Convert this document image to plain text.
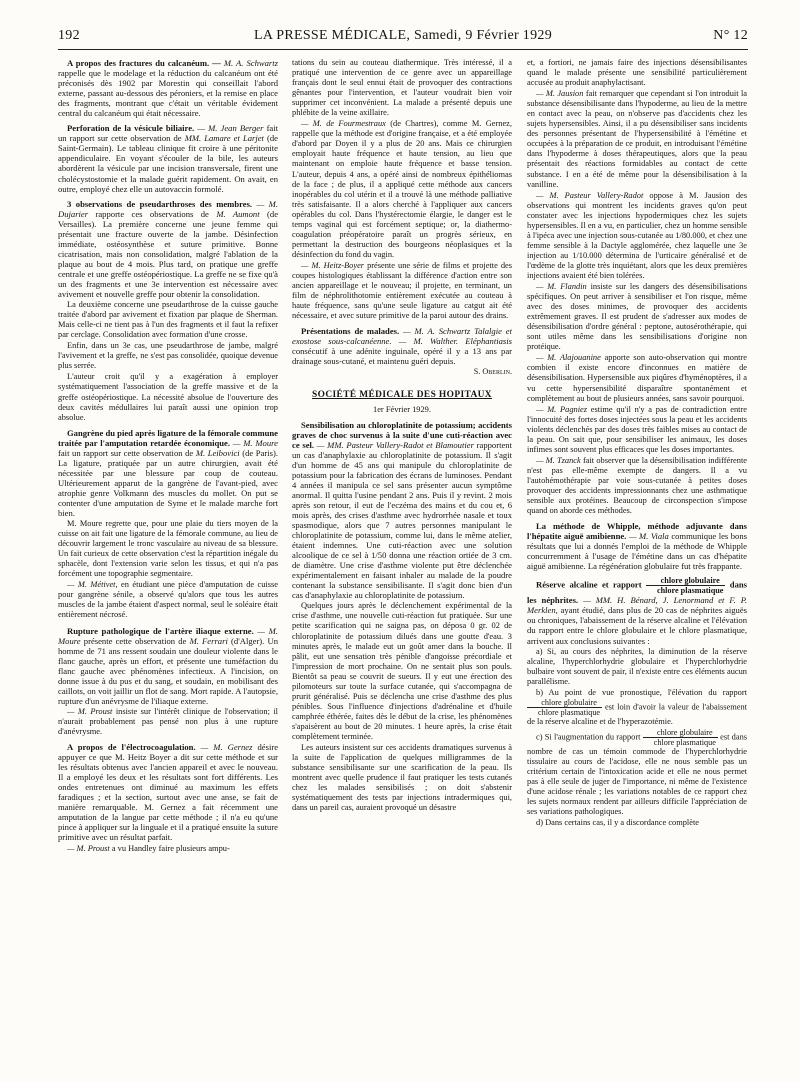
192	LA PRESSE MÉDICALE, Samedi, 9 Février 1929	N° 12
A propos des fractures du calcanéum. — M. A. Schwartz rappelle que le modelage et la réduction du calcanéum ont été préconisés dès 1902 par Morestin qui conseillait l'abord externe, passant au-dessous des péroniers, et la remise en place des fragments, montrant que c'était un véritable évidement central du calcanéum qui était nécessaire.
Perforation de la vésicule biliaire. — M. Jean Berger fait un rapport sur cette observation de MM. Lamare et Larjet (de Saint-Germain). Le tableau clinique fit croire à une péritonite appendiculaire. En voyant s'écouler de la bile, les auteurs abordèrent la vésicule par une incision transversale, firent une cholécystostomie et la malade guérit rapidement. On avait, en outre, employé chez elle un autovaccin formolé.
3 observations de pseudarthroses des membres. — M. Dujarier rapporte ces observations de M. Aumont (de Versailles). La première concerne une jeune femme qui présentait une fracture ouverte de la jambe. Désinfection immédiate, ostéosynthèse et suture primitive. Bonne cicatrisation, mais non consolidation, malgré l'ablation de la plaque au bout de 4 mois. Plus tard, on pratique une greffe centrale et une greffe ostéopériostique. La greffe ne se fixe qu'à un des fragments et une 3e intervention est nécessaire avec avivement et nouvelle greffe pour obtenir la consolidation.

La deuxième concerne une pseudarthrose de la cuisse gauche traitée d'abord par avivement et fixation par plaque de Sherman. Mais celle-ci ne tient pas à l'un des fragments et il faut la refixer par cerclage. Consolidation avec formation d'une crosse.

Enfin, dans un 3e cas, une pseudarthrose de jambe, malgré l'avivement et la greffe, ne s'est pas consolidée, quoique devenue plus serrée.

L'auteur croit qu'il y a exagération à employer systématiquement l'association de la greffe massive et de la greffe ostéopériostique. La nécessité absolue de l'ouverture des deux cavités médullaires lui paraît aussi une opinion trop absolue.

Gangrène du pied après ligature de la fémorale commune traitée par l'amputation retardée économique. — M. Moure fait un rapport sur cette observation de M. Leibovici (de Paris). La ligature, pratiquée par un autre chirurgien, avait été nécessitée par une blessure par coup de couteau. Ultérieurement apparut de la gangrène de l'avant-pied, avec atrophie genre Volkmann des muscles du mollet. On put se contenter d'une amputation de Syme et le malade marche fort bien.

M. Moure regrette que, pour une plaie du tiers moyen de la cuisse on ait fait une ligature de la fémorale commune, au lieu de découvrir largement le tronc vasculaire au niveau de sa blessure. Un fait curieux de cette observation c'est la répartition inégale du sphacèle, dont l'extension varie selon les tissus, et qui n'a pas forcément une topographie segmentaire.

— M. Métivet, en étudiant une pièce d'amputation de cuisse pour gangrène sénile, a observé qu'alors que tous les autres muscles de la jambe étaient d'aspect normal, seul le soléaire était entièrement nécrosé.

Rupture pathologique de l'artère iliaque externe. — M. Moure présente cette observation de M. Ferrari (d'Alger). Un homme de 71 ans ressent soudain une douleur violente dans le flanc gauche, après un effort, et présente une tuméfaction du flanc gauche avec phénomènes infectieux. A l'incision, on donne issue à du pus et du sang, et soudain, en mobilisant des caillots, on voit jaillir un flot de sang. Mort rapide. A l'autopsie, rupture d'un anévrysme de l'iliaque externe.

— M. Proust insiste sur l'intérêt clinique de l'observation; il n'aurait probablement pas pensé non plus à une rupture d'anévrysme.

A propos de l'électrocoagulation. — M. Gernez désire appuyer ce que M. Heitz Boyer a dit sur cette méthode et sur les résultats obtenus avec l'ancien appareil et avec le nouveau. Il a employé les deux et les résultats sont fort différents. Les ondes entretenues ont diminué au maximum les effets faradiques ; et la section, surtout avec une anse, se fait de manière remarquable. M. Gernez a fait récemment une amputation de la langue par cette méthode ; il n'a eu qu'une pince à appliquer sur la linguale et il a pratiqué ensuite la suture primitive avec un résultat parfait.

— M. Proust a vu Handley faire plusieurs ampu-

tations du sein au couteau diathermique. Très intéressé, il a pratiqué une intervention de ce genre avec un appareillage français dont le seul ennui était de provoquer des contractions gênantes pour l'intervention, et l'auteur voudrait bien voir supprimer cet inconvénient. La malade a présenté depuis une phlébite de la veine axillaire.

— M. de Fourmestraux (de Chartres), comme M. Gernez, rappelle que la méthode est d'origine française, et a été employée d'abord par Doyen il y a plus de 20 ans. Mais ce chirurgien employait haute fréquence et haute tension, au lieu que maintenant on emploie haute fréquence et basse tension. L'auteur, depuis 4 ans, a opéré ainsi de nombreux épithéliomas de la face ; de plus, il a appliqué cette méthode aux cancers inopérables du col utérin et il a trouvé là une méthode palliative très satisfaisante. Il a alors cherché à l'appliquer aux cancers opérables du col. Dans l'hystérectomie élargie, le danger est le temps vaginal qui est forcément septique; or, la diathermo-coagulation préopératoire paraît un progrès sérieux, en permettant la destruction des bourgeons néoplasiques et la désinfection du fond du vagin.

— M. Heitz-Boyer présente une série de films et projette des coupes histologiques établissant la différence d'action entre son ancien appareillage et le nouveau; il projette, en terminant, un film de néphrolithotomie entièrement exécutée au couteau à haute fréquence, sans qu'une seule ligature au catgut ait été nécessaire, et avec suture primitive de la paroi autour des drains.

Présentations de malades. — M. A. Schwartz Talalgie et exostose sous-calcanéenne. — M. Walther. Eléphantiasis consécutif à une adénite inguinale, opéré il y a 13 ans par drainage sous-cutané, et maintenu guéri depuis.
S. Oberlin.
SOCIÉTÉ MÉDICALE DES HOPITAUX
1er Février 1929.
Sensibilisation au chloroplatinite de potassium; accidents graves de choc survenus à la suite d'une cuti-réaction avec ce sel. — MM. Pasteur Vallery-Radot et Blamoutier rapportent un cas d'anaphylaxie au chloroplatinite de potassium. Il s'agit d'un homme de 45 ans qui manipule du chloroplatinite de potassium pour la fabrication des écrans de luminoses. Pendant 4 années il manipula ce sel sans présenter aucun symptôme anormal. Il quitta l'usine pendant 2 ans. Puis il y revint. 2 mois après son retour, il eut de l'eczéma des mains et du cou et, 6 mois après, des crises d'asthme avec hydrorrhée nasale et toux spasmodique, alors que 7 autres personnes manipulant le chloroplatinite de potassium, comme lui, dans le même atelier, étaient indemnes. Une cuti-réaction avec une solution alcoolique de ce sel à 1/50 donna une réaction ortiée de 3 cm. de diamètre. Une crise d'asthme violente put être déclenchée expérimentalement en faisant inhaler au malade de la poudre contenant la substance sensibilisante. Il s'agit donc bien d'un cas d'anaphylaxie au chloroplatinite de potassium.

Quelques jours après le déclenchement expérimental de la crise d'asthme, une nouvelle cuti-réaction fut pratiquée. Sur une petite scarification qui ne saigna pas, on déposa 0 gr. 02 de chloroplatinite de potassium dilués dans une goutte d'eau. 3 minutes après, le malade eut un goût amer dans la bouche. Il pâlit, eut une sensation très pénible d'angoisse précordiale et l'impression de mort prochaine. On ne sentait plus son pouls. Bientôt sa peau se couvrit de sueurs. Il y eut une érection des pilomoteurs sur toute la surface cutanée, qui s'accompagna de prurit généralisé. Puis se déclencha une crise d'asthme des plus pénibles. Sous l'influence d'injections d'adrénaline et d'huile camphrée éthérée, faites dès le début de la crise, les phénomènes s'apaisèrent au bout de 20 minutes. 1 heure après, la crise était complètement terminée.

Les auteurs insistent sur ces accidents dramatiques survenus à la suite de l'application de quelques milligrammes de la substance sensibilisante sur une scarification de la peau. Ils montrent avec quelle prudence il faut pratiquer les tests cutanés chez les malades sensibilisés ; on doit s'abstenir systématiquement des tests par injections intradermiques qui, dans un pareil cas, auraient provoqué un désastre

et, a fortiori, ne jamais faire des injections désensibilisantes quand le malade présente une sensibilité particulièrement accusée au produit anaphylactisant.

— M. Jausion fait remarquer que cependant si l'on introduit la substance désensibilisante dans l'hypoderme, au lieu de la mettre en contact avec la peau, on n'observe pas d'accidents chez les sujets hypersensibles. Ainsi, il a pu désensibiliser sans incidents des personnes présentant de l'hypersensibilité à l'émétine et occupées à la préparation de ce produit, en introduisant l'émétine dans l'hypoderme à doses thérapeutiques, alors que la peau présentait des réactions formidables au contact de cette substance. I en a été de même pour la désensibilisation à la vanilline.

— M. Pasteur Vallery-Radot oppose à M. Jausion des observations qui montrent les incidents graves qu'on peut constater avec les injections hypodermiques chez les sujets hypersensibles. Il en a vu, en particulier, chez un homme sensible à l'ipéca avec une injection sous-cutanée au 1/80.000, et chez une femme sensible à la Dactyle agglomérée, chez laquelle une 3e injection au 1/10.000 détermina de l'urticaire généralisé et de l'œdème de la glotte très inquiétant, alors que les deux premières injections avaient été bien tolérées.

— M. Flandin insiste sur les dangers des désensibilisations spécifiques. On peut arriver à sensibiliser et l'on risque, même avec des doses minimes, de provoquer des accidents extrêmement graves. Il est prudent de s'adresser aux modes de désensibilisation d'ordre général : peptone, autosérothérapie, qui sont utiles même dans les sensibilisations d'origine non protéique.

— M. Alajouanine apporte son auto-observation qui montre combien il existe encore d'inconnues en matière de désensibilisation. Hypersensible aux piqûres d'hyménoptères, il a vu cette hypersensibilité disparaître spontanément et complètement au bout de plusieurs années, sans savoir pourquoi.

— M. Pagniez estime qu'il n'y a pas de contradiction entre l'innocuité des fortes doses injectées sous la peau et les accidents violents déclenchés par des doses très faibles mises au contact de la peau. On sait que, pour sensibiliser les animaux, les doses infimes sont souvent plus efficaces que les doses importantes.

— M. Tzanck fait observer que la désensibilisation indifférente n'est pas elle-même exempte de dangers. Il a vu l'autohémothérapie par voie sous-cutanée à petites doses provoquer des accidents impressionnants chez une asthmatique sensible aux protéines. Beaucoup de circonspection s'impose quand on aborde ces méthodes.

La méthode de Whipple, méthode adjuvante dans l'hépatite aiguë amibienne. — M. Viala communique les bons résultats que lui a donnés l'emploi de la méthode de Whipple concurremment à l'usage de l'émétine dans un cas d'hépatite aiguë amibienne. La régénération globulaire fut très frappante.
Réserve alcaline et rapport $\frac{\text{chlore globulaire}}{\text{chlore plasmatique}}$ dans les néphrites. — MM. H. Bénard, J. Lenormand et F. P. Merklen, ayant étudié, dans plus de 20 cas de néphrites aiguës ou chroniques, l'abaissement de la réserve alcaline et l'élévation du rapport entre le chlore globulaire et le chlore plasmatique, arrivent aux conclusions suivantes :

a) Si, au cours des néphrites, la diminution de la réserve alcaline, l'hyperchlorhydrie globulaire et l'hyperchlorhydrie bulbaire vont souvent de pair, il n'existe entre ces éléments aucun parallélisme.

b) Au point de vue pronostique, l'élévation du rapport
$\frac{\text{chlore globulaire}}{\text{chlore plasmatique}}$ est loin d'avoir la valeur de l'abaissement de la réserve alcaline et de l'hyperazotémie.

c) Si l'augmentation du rapport $\frac{\text{chlore globulaire}}{\text{chlore plasmatique}}$ est dans nombre de cas un témoin commode de l'hyperchlorhydrie tissulaire au cours de l'acidose, elle ne nous semble pas un critérium certain de l'intoxication acide et elle ne nous permet pas à elle seule de juger de l'importance, ni même de l'existence d'une acidose rénale ; les variations notables de ce rapport chez les sujets normaux rendent par ailleurs difficile l'appréciation de ses variations pathologiques.

d) Dans certains cas, il y a discordance complète
